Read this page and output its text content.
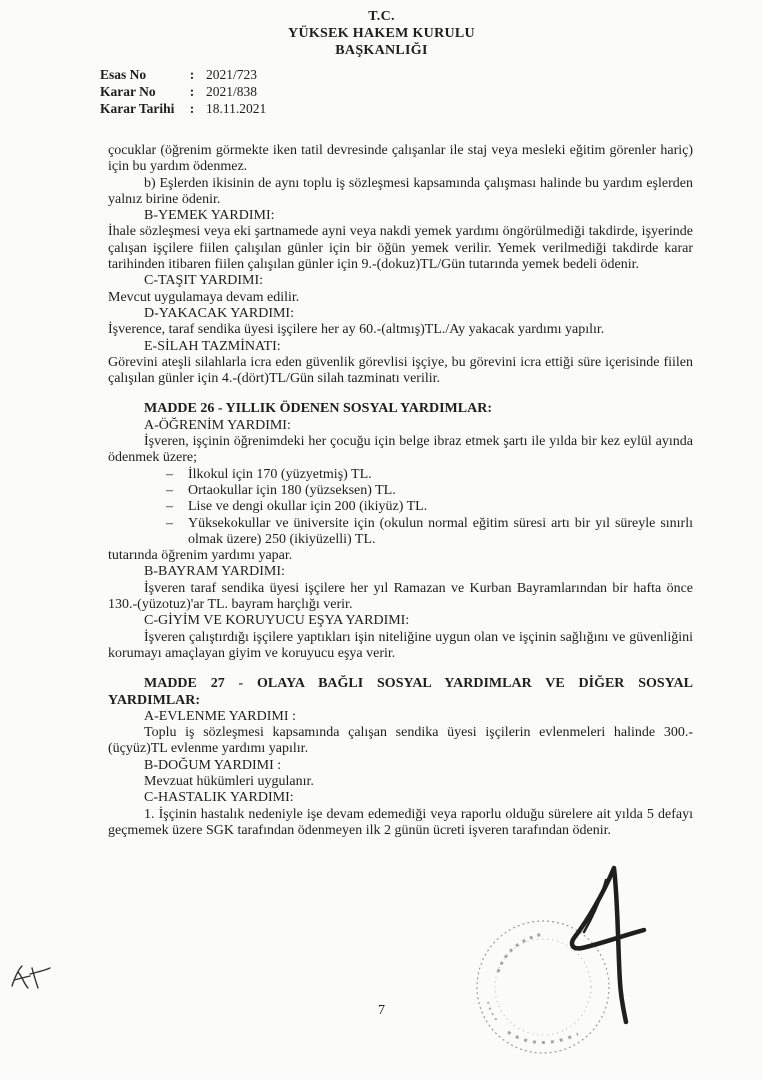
T.C.
YÜKSEK HAKEM KURULU
BAŞKANLIĞI
Esas No	: 2021/723
Karar No	: 2021/838
Karar Tarihi	: 18.11.2021

çocuklar (öğrenim görmekte iken tatil devresinde çalışanlar ile staj veya mesleki eğitim görenler hariç) için bu yardım ödenmez.

b) Eşlerden ikisinin de aynı toplu iş sözleşmesi kapsamında çalışması halinde bu yardım eşlerden yalnız birine ödenir.

B-YEMEK YARDIMI:

İhale sözleşmesi veya eki şartnamede ayni veya nakdi yemek yardımı öngörülmediği takdirde, işyerinde çalışan işçilere fiilen çalışılan günler için bir öğün yemek verilir. Yemek verilmediği takdirde karar tarihinden itibaren fiilen çalışılan günler için 9.-(dokuz)TL/Gün tutarında yemek bedeli ödenir.

C-TAŞIT YARDIMI:

Mevcut uygulamaya devam edilir.

D-YAKACAK YARDIMI:

İşverence, taraf sendika üyesi işçilere her ay 60.-(altmış)TL./Ay yakacak yardımı yapılır.

E-SİLAH TAZMİNATI:

Görevini ateşli silahlarla icra eden güvenlik görevlisi işçiye, bu görevini icra ettiği süre içerisinde fiilen çalışılan günler için 4.-(dört)TL/Gün silah tazminatı verilir.

MADDE 26 - YILLIK ÖDENEN SOSYAL YARDIMLAR:

A-ÖĞRENİM YARDIMI:

İşveren, işçinin öğrenimdeki her çocuğu için belge ibraz etmek şartı ile yılda bir kez eylül ayında ödenmek üzere;

– İlkokul için 170 (yüzyetmiş) TL.
– Ortaokullar için 180 (yüzseksen) TL.
– Lise ve dengi okullar için 200 (ikiyüz) TL.
– Yüksekokullar ve üniversite için (okulun normal eğitim süresi artı bir yıl süreyle sınırlı olmak üzere) 250 (ikiyüzelli) TL.

tutarında öğrenim yardımı yapar.

B-BAYRAM YARDIMI:

İşveren taraf sendika üyesi işçilere her yıl Ramazan ve Kurban Bayramlarından bir hafta önce 130.-(yüzotuz)'ar TL. bayram harçlığı verir.

C-GİYİM VE KORUYUCU EŞYA YARDIMI:

İşveren çalıştırdığı işçilere yaptıkları işin niteliğine uygun olan ve işçinin sağlığını ve güvenliğini korumayı amaçlayan giyim ve koruyucu eşya verir.

MADDE 27 - OLAYA BAĞLI SOSYAL YARDIMLAR VE DİĞER SOSYAL YARDIMLAR:

A-EVLENME YARDIMI :

Toplu iş sözleşmesi kapsamında çalışan sendika üyesi işçilerin evlenmeleri halinde 300.-(üçyüz)TL evlenme yardımı yapılır.

B-DOĞUM YARDIMI :

Mevzuat hükümleri uygulanır.

C-HASTALIK YARDIMI:

1. İşçinin hastalık nedeniyle işe devam edemediği veya raporlu olduğu sürelere ait yılda 5 defayı geçmemek üzere SGK tarafından ödenmeyen ilk 2 günün ücreti işveren tarafından ödenir.

7
